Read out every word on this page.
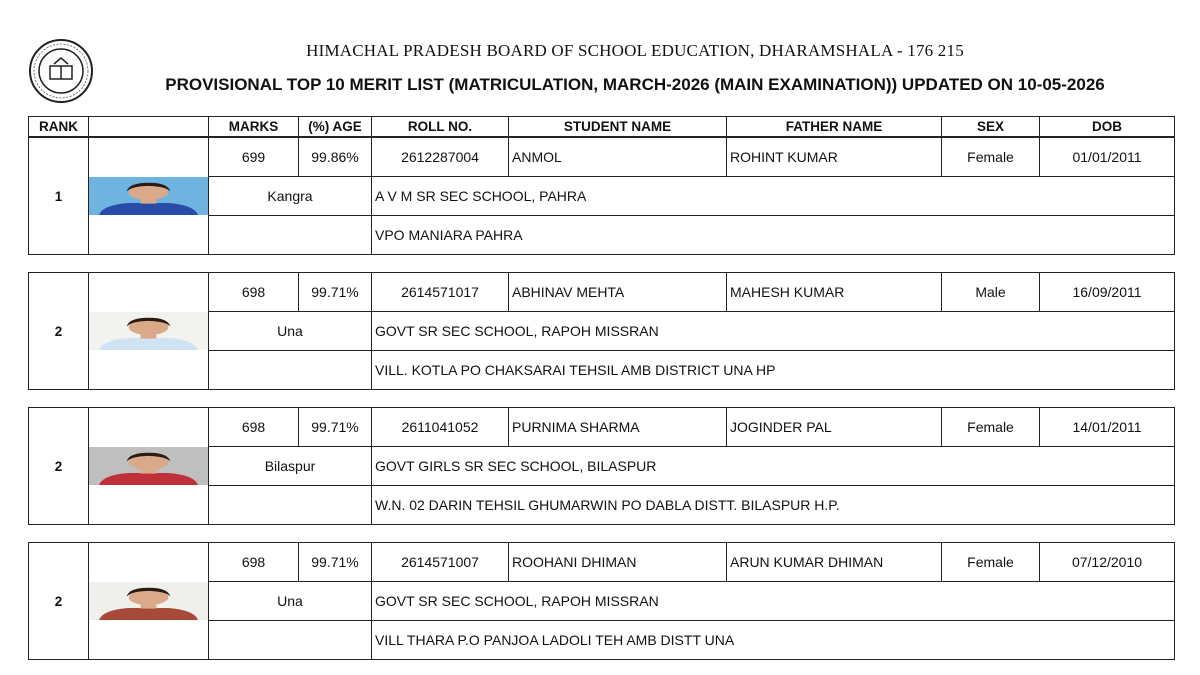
HIMACHAL PRADESH BOARD OF SCHOOL EDUCATION, DHARAMSHALA - 176 215
PROVISIONAL TOP 10 MERIT LIST (MATRICULATION, MARCH-2026 (MAIN EXAMINATION)) UPDATED ON 10-05-2026
RANK		MARKS	(%) AGE	ROLL NO.	STUDENT NAME	FATHER NAME	SEX	DOB
1		699	99.86%	2612287004	ANMOL	ROHINT KUMAR	Female	01/01/2011
		Kangra		A V M SR SEC SCHOOL, PAHRA				
				VPO MANIARA PAHRA				
2		698	99.71%	2614571017	ABHINAV MEHTA	MAHESH KUMAR	Male	16/09/2011
		Una		GOVT SR SEC SCHOOL, RAPOH MISSRAN				
				VILL. KOTLA PO CHAKSARAI TEHSIL AMB DISTRICT UNA HP				
2		698	99.71%	2611041052	PURNIMA SHARMA	JOGINDER PAL	Female	14/01/2011
		Bilaspur		GOVT GIRLS SR SEC SCHOOL, BILASPUR				
				W.N. 02 DARIN TEHSIL GHUMARWIN PO DABLA DISTT. BILASPUR H.P.				
2		698	99.71%	2614571007	ROOHANI DHIMAN	ARUN KUMAR DHIMAN	Female	07/12/2010
		Una		GOVT SR SEC SCHOOL, RAPOH MISSRAN				
				VILL THARA P.O PANJOA LADOLI TEH AMB DISTT UNA				
